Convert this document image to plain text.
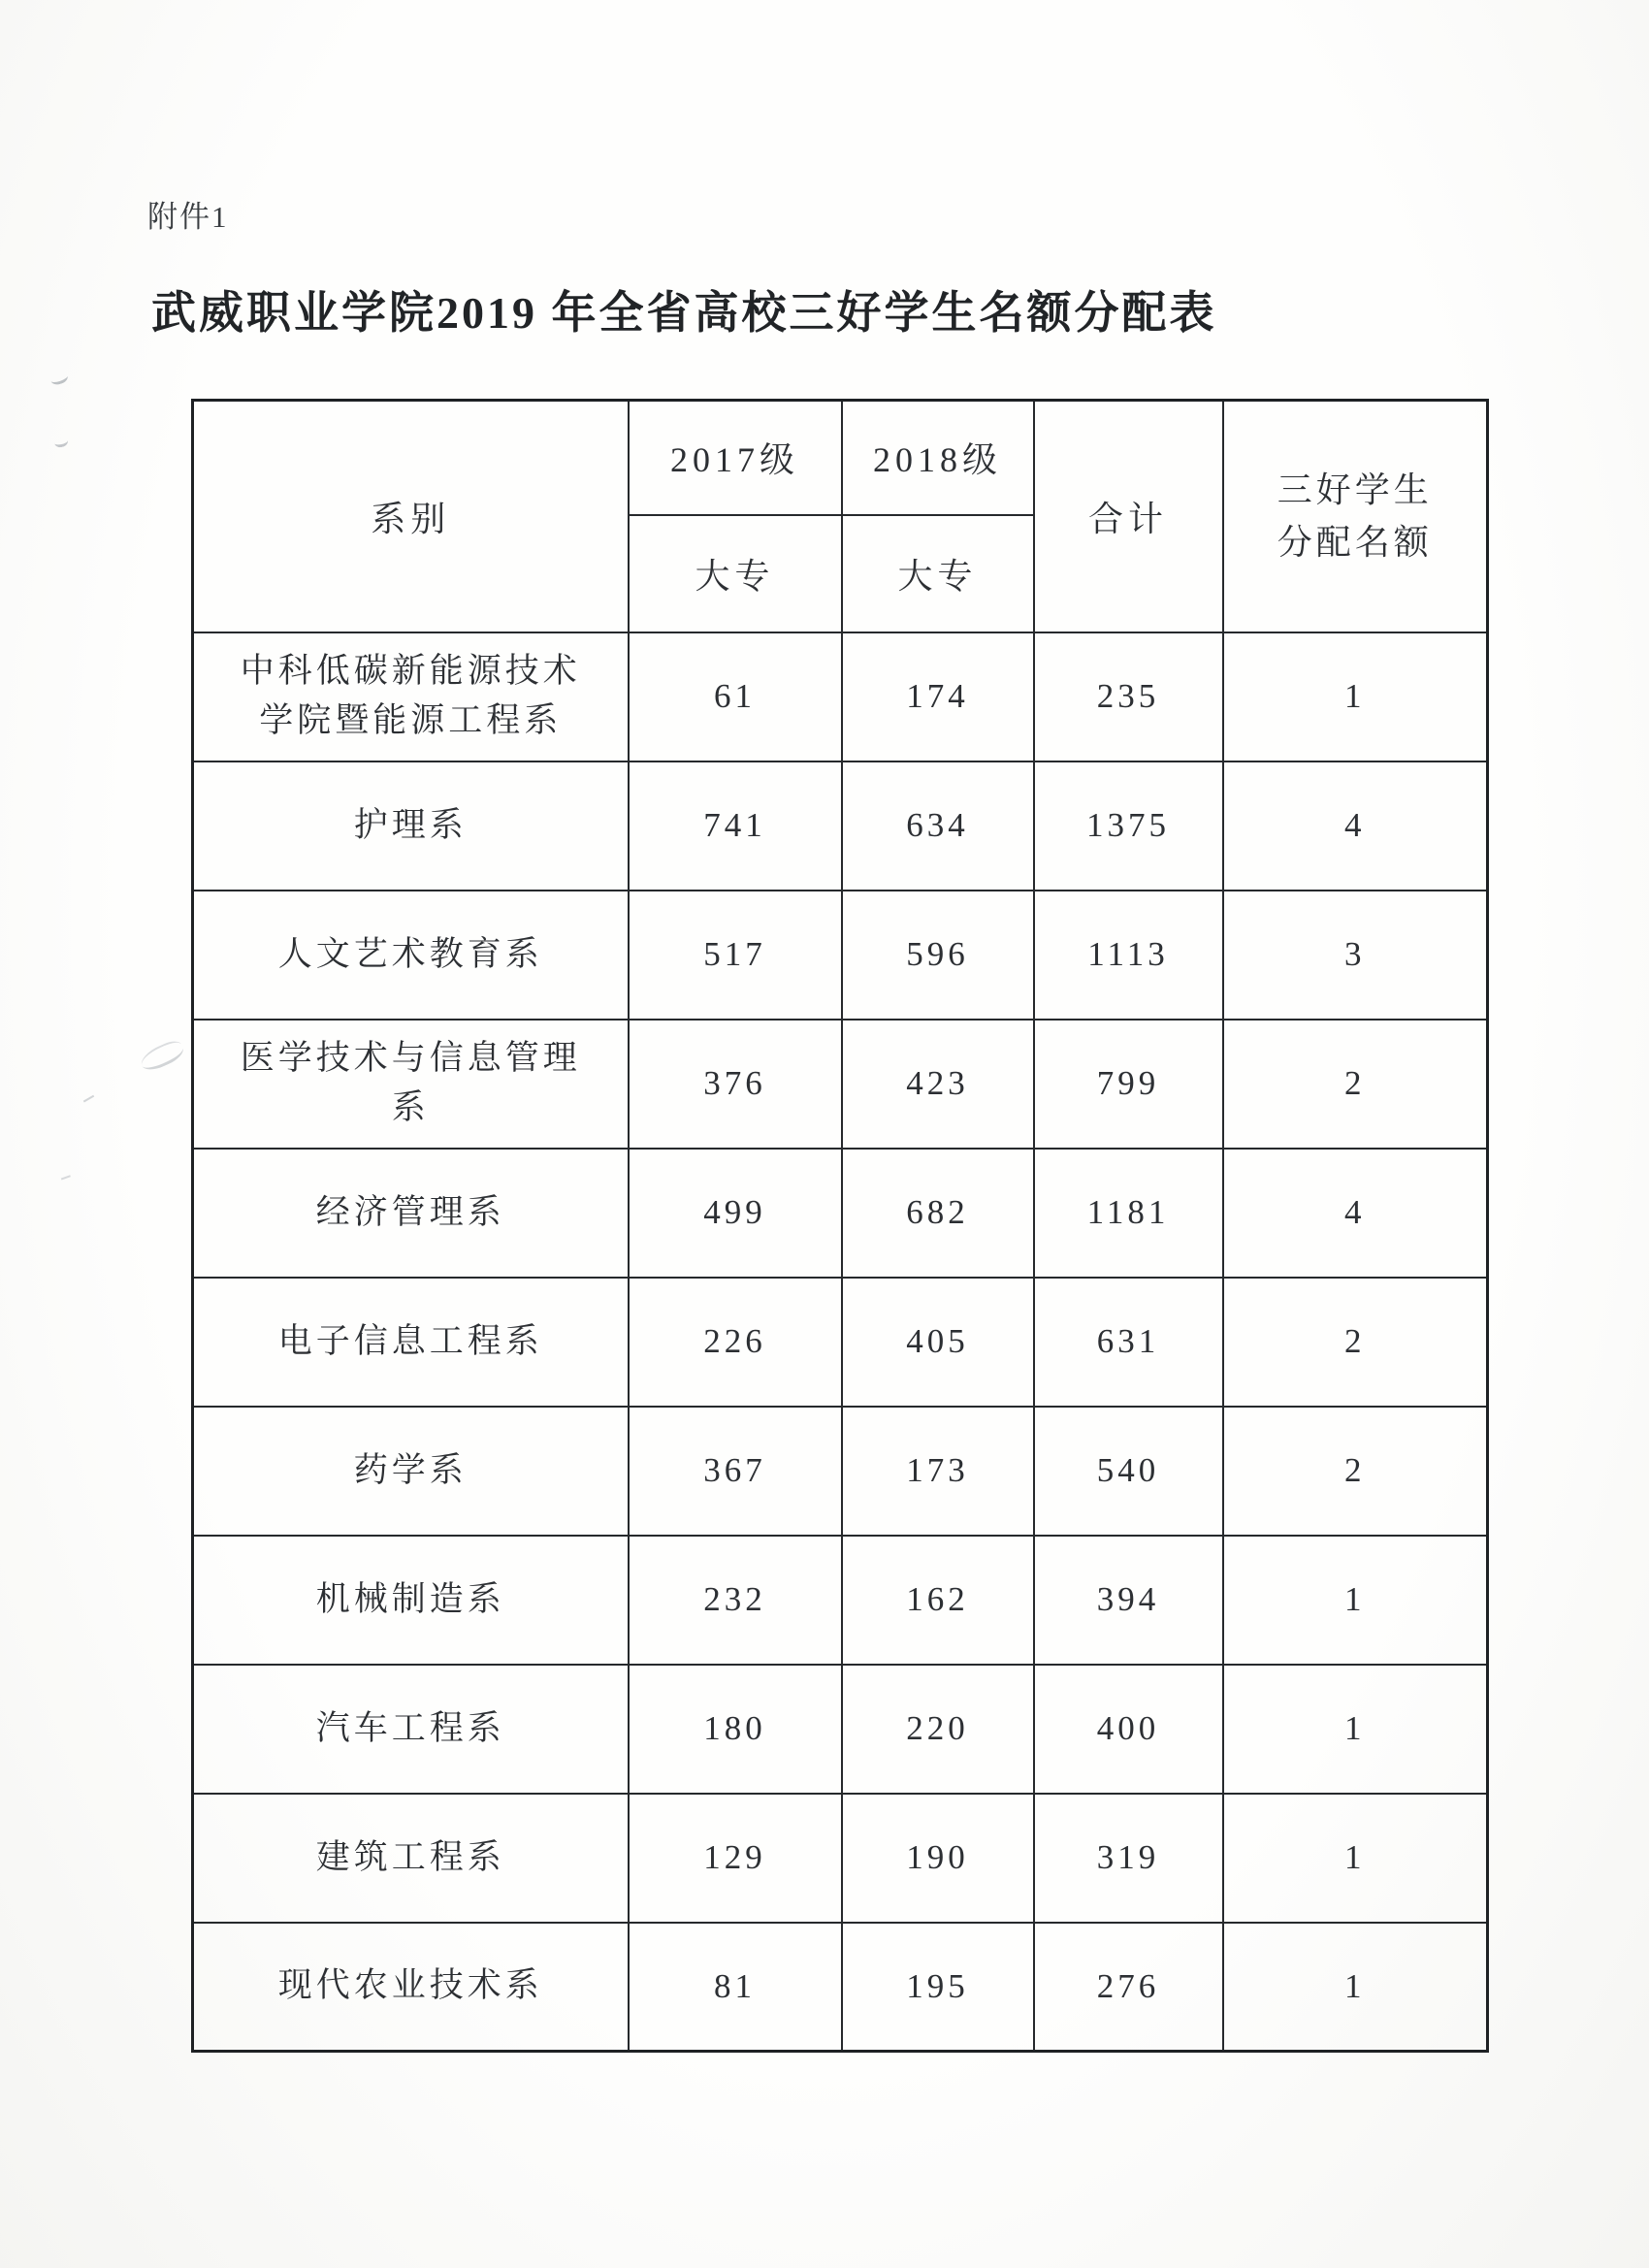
附件1
武威职业学院2019 年全省高校三好学生名额分配表
系别	2017级	2018级	合计	三好学生分配名额
	大专	大专		
中科低碳新能源技术学院暨能源工程系	61	174	235	1
护理系	741	634	1375	4
人文艺术教育系	517	596	1113	3
医学技术与信息管理系	376	423	799	2
经济管理系	499	682	1181	4
电子信息工程系	226	405	631	2
药学系	367	173	540	2
机械制造系	232	162	394	1
汽车工程系	180	220	400	1
建筑工程系	129	190	319	1
现代农业技术系	81	195	276	1
